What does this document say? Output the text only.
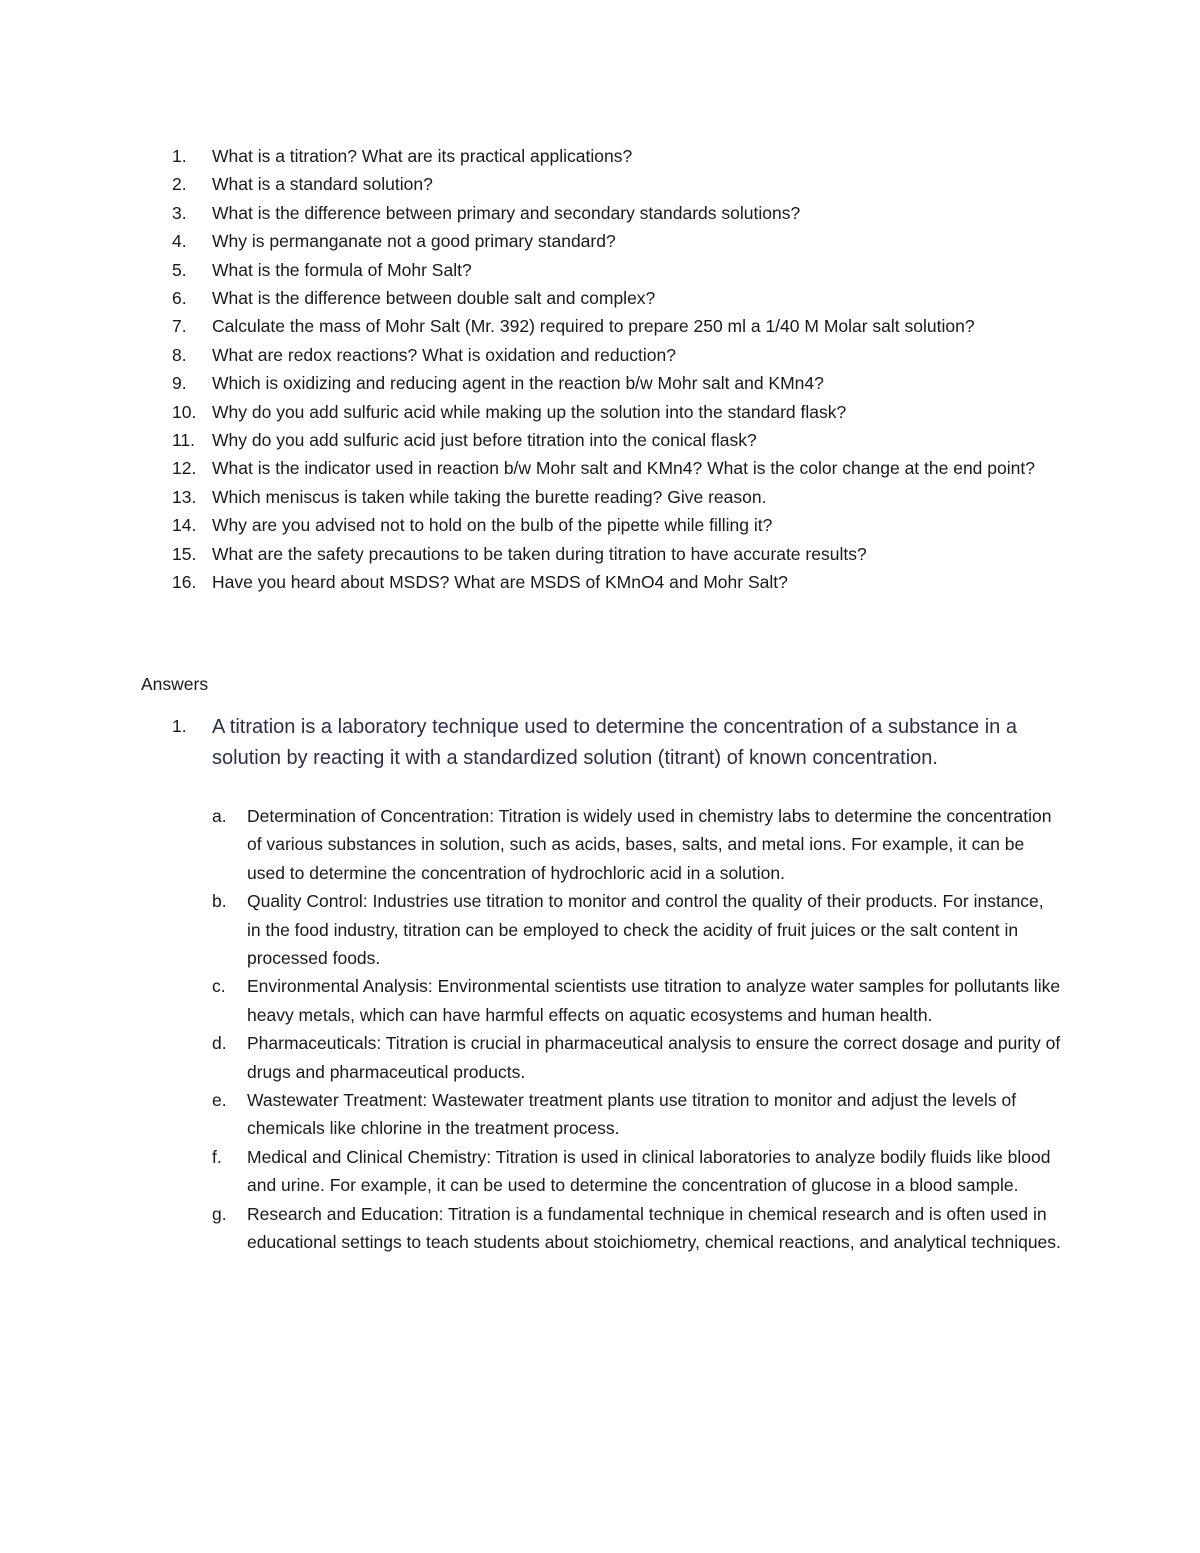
1.	What is a titration? What are its practical applications?
2.	What is a standard solution?
3.	What is the difference between primary and secondary standards solutions?
4.	Why is permanganate not a good primary standard?
5.	What is the formula of Mohr Salt?
6.	What is the difference between double salt and complex?
7.	Calculate the mass of Mohr Salt (Mr. 392) required to prepare 250 ml a 1/40 M Molar salt solution?
8.	What are redox reactions? What is oxidation and reduction?
9.	Which is oxidizing and reducing agent in the reaction b/w Mohr salt and KMn4?
10. Why do you add sulfuric acid while making up the solution into the standard flask?
11. Why do you add sulfuric acid just before titration into the conical flask?
12. What is the indicator used in reaction b/w Mohr salt and KMn4? What is the color change at the end point?
13. Which meniscus is taken while taking the burette reading? Give reason.
14. Why are you advised not to hold on the bulb of the pipette while filling it?
15. What are the safety precautions to be taken during titration to have accurate results?
16. Have you heard about MSDS? What are MSDS of KMnO4 and Mohr Salt?
Answers
1. A titration is a laboratory technique used to determine the concentration of a substance in a solution by reacting it with a standardized solution (titrant) of known concentration.
a.	Determination of Concentration: Titration is widely used in chemistry labs to determine the concentration of various substances in solution, such as acids, bases, salts, and metal ions. For example, it can be used to determine the concentration of hydrochloric acid in a solution.
b.	Quality Control: Industries use titration to monitor and control the quality of their products. For instance, in the food industry, titration can be employed to check the acidity of fruit juices or the salt content in processed foods.
c.	Environmental Analysis: Environmental scientists use titration to analyze water samples for pollutants like heavy metals, which can have harmful effects on aquatic ecosystems and human health.
d.	Pharmaceuticals: Titration is crucial in pharmaceutical analysis to ensure the correct dosage and purity of drugs and pharmaceutical products.
e.	Wastewater Treatment: Wastewater treatment plants use titration to monitor and adjust the levels of chemicals like chlorine in the treatment process.
f.	Medical and Clinical Chemistry: Titration is used in clinical laboratories to analyze bodily fluids like blood and urine. For example, it can be used to determine the concentration of glucose in a blood sample.
g.	Research and Education: Titration is a fundamental technique in chemical research and is often used in educational settings to teach students about stoichiometry, chemical reactions, and analytical techniques.
